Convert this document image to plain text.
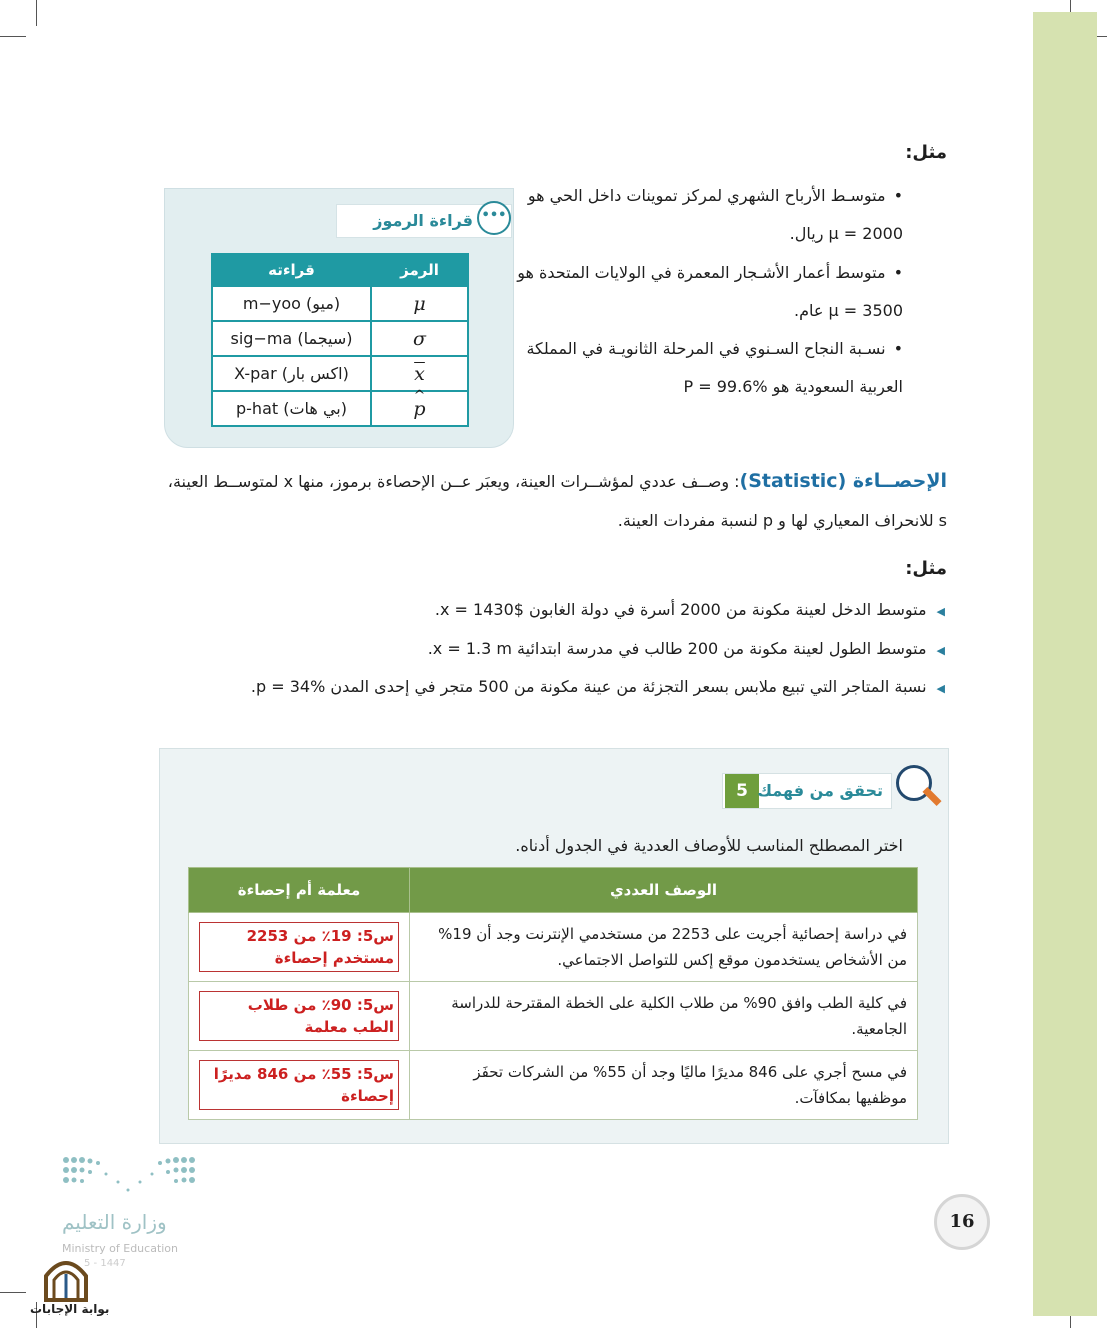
مثل:
•متوسـط الأرباح الشهري لمركز تموينات داخل الحي هو
μ = 2000 ريال.
•متوسط أعمار الأشـجار المعمرة في الولايات المتحدة هو
μ = 3500 عام.
•نسـبة النجاح السـنوي في المرحلة الثانويـة في المملكة
العربية السعودية هو P = 99.6%
•••
قراءة الرموز
الرمز	قراءته
μ	(ميو) m−yoo
σ	(سيجما) sig−ma
x	(اكس بار) X-par
^ p	(بي هات) p-hat
الإحصــاءة (Statistic): وصــف عددي لمؤشــرات العينة، ويعبَر عــن الإحصاءة برموز، منها x لمتوســط العينة،
s للانحراف المعياري لها و p لنسبة مفردات العينة.
مثل:
◀متوسط الدخل لعينة مكونة من 2000 أسرة في دولة الغابون x = 1430$.
◀متوسط الطول لعينة مكونة من 200 طالب في مدرسة ابتدائية x = 1.3 m.
◀نسبة المتاجر التي تبيع ملابس بسعر التجزئة من عينة مكونة من 500 متجر في إحدى المدن p = 34%.
5 تحقق من فهمك
اختر المصطلح المناسب للأوصاف العددية في الجدول أدناه.
الوصف العددي	معلمة أم إحصاءة
في دراسة إحصائية أجريت على 2253 من مستخدمي الإنترنت وجد أن 19% من الأشخاص يستخدمون موقع إكس للتواصل الاجتماعي.	س5: 19٪ من 2253 مستخدم إحصاءة

في كلية الطب وافق 90% من طلاب الكلية على الخطة المقترحة للدراسة الجامعية.	س5: 90٪ من طلاب الطب معلمة

في مسح أجري على 846 مديرًا ماليًا وجد أن 55% من الشركات تحفَز موظفيها بمكافآت.	س5: 55٪ من 846 مديرًا إحصاءة
16
وزارة التعليم
Ministry of Education
5 - 1447
بوابة الإجابات
